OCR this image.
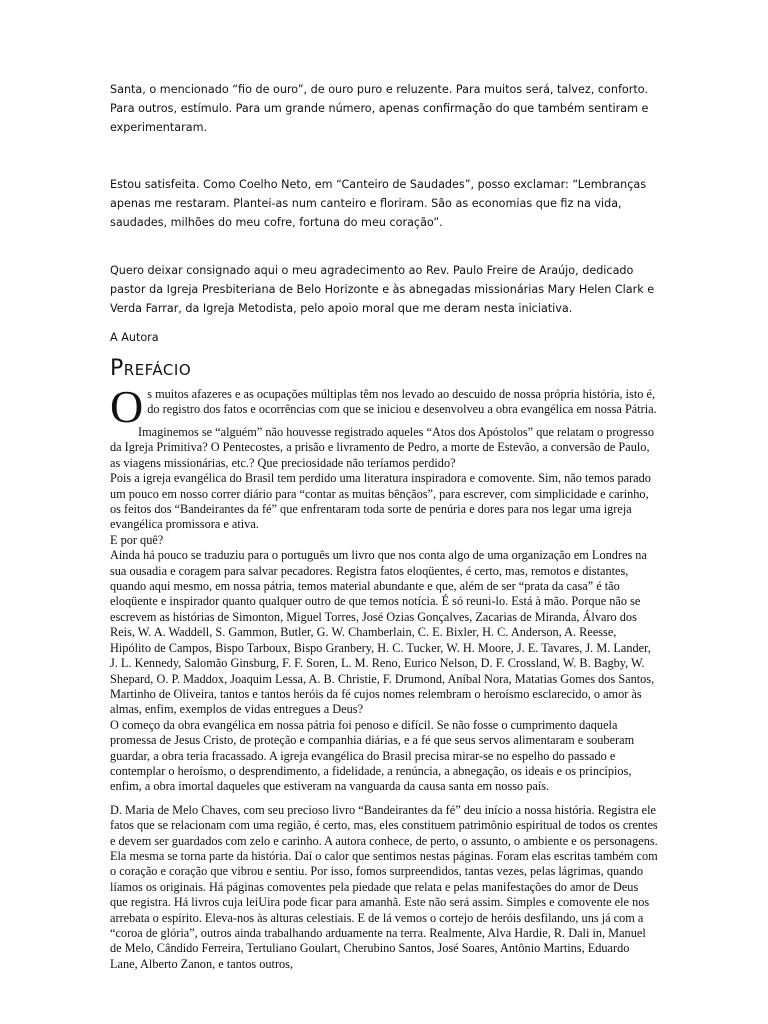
Santa, o mencionado “fio de ouro”, de ouro puro e reluzente. Para muitos será, talvez, conforto. Para outros, estímulo. Para um grande número, apenas confirmação do que também sentiram e experimentaram.

Estou satisfeita. Como Coelho Neto, em “Canteiro de Saudades”, posso exclamar: “Lembranças apenas me restaram. Plantei-as num canteiro e floriram. São as economias que fiz na vida, saudades, milhões do meu cofre, fortuna do meu coração”.

Quero deixar consignado aqui o meu agradecimento ao Rev. Paulo Freire de Araújo, dedicado pastor da Igreja Presbiteriana de Belo Horizonte e às abnegadas missionárias Mary Helen Clark e Verda Farrar, da Igreja Metodista, pelo apoio moral que me deram nesta iniciativa.

A Autora

Prefácio

Os muitos afazeres e as ocupações múltiplas têm nos levado ao descuido de nossa própria história, isto é, do registro dos fatos e ocorrências com que se iniciou e desenvolveu a obra evangélica em nossa Pátria.

Imaginemos se “alguém” não houvesse registrado aqueles “Atos dos Apóstolos” que relatam o progresso da Igreja Primitiva? O Pentecostes, a prisão e livramento de Pedro, a morte de Estevão, a conversão de Paulo, as viagens missionárias, etc.? Que preciosidade não teríamos perdido?

Pois a igreja evangélica do Brasil tem perdido uma literatura inspiradora e comovente. Sim, não temos parado um pouco em nosso correr diário para “contar as muitas bênçãos”, para escrever, com simplicidade e carinho, os feitos dos “Bandeirantes da fé” que enfrentaram toda sorte de penúria e dores para nos legar uma igreja evangélica promissora e ativa.

E por quê?

Ainda há pouco se traduziu para o português um livro que nos conta algo de uma organização em Londres na sua ousadia e coragem para salvar pecadores. Registra fatos eloqüentes, é certo, mas, remotos e distantes, quando aqui mesmo, em nossa pátria, temos material abundante e que, além de ser “prata da casa” é tão eloqüente e inspirador quanto qualquer outro de que temos notícia. É só reuni-lo. Está à mão. Porque não se escrevem as histórias de Simonton, Miguel Torres, José Ozias Gonçalves, Zacarias de Miranda, Álvaro dos Reis, W. A. Waddell, S. Gammon, Butler, G. W. Chamberlain, C. E. Bixler, H. C. Anderson, A. Reesse, Hipólito de Campos, Bispo Tarboux, Bispo Granbery, H. C. Tucker, W. H. Moore, J. E. Tavares, J. M. Lander, J. L. Kennedy, Salomão Ginsburg, F. F. Soren, L. M. Reno, Eurico Nelson, D. F. Crossland, W. B. Bagby, W. Shepard, O. P. Maddox, Joaquim Lessa, A. B. Christie, F. Drumond, Aníbal Nora, Matatias Gomes dos Santos, Martinho de Oliveira, tantos e tantos heróis da fé cujos nomes relembram o heroísmo esclarecido, o amor às almas, enfim, exemplos de vidas entregues a Deus?

O começo da obra evangélica em nossa pátria foi penoso e difícil. Se não fosse o cumprimento daquela promessa de Jesus Cristo, de proteção e companhia diárias, e a fé que seus servos alimentaram e souberam guardar, a obra teria fracassado. A igreja evangélica do Brasil precisa mirar-se no espelho do passado e contemplar o heroísmo, o desprendimento, a fidelidade, a renúncia, a abnegação, os ideais e os princípios, enfim, a obra imortal daqueles que estiveram na vanguarda da causa santa em nosso país.

D. Maria de Melo Chaves, com seu precioso livro “Bandeirantes da fé” deu início a nossa história. Registra ele fatos que se relacionam com uma região, é certo, mas, eles constituem patrimônio espiritual de todos os crentes e devem ser guardados com zelo e carinho. A autora conhece, de perto, o assunto, o ambiente e os personagens. Ela mesma se torna parte da história. Daí o calor que sentimos nestas páginas. Foram elas escritas também com o coração e coração que vibrou e sentiu. Por isso, fomos surpreendidos, tantas vezes, pelas lágrimas, quando líamos os originais. Há páginas comoventes pela piedade que relata e pelas manifestações do amor de Deus que registra. Há livros cuja leiUira pode ficar para amanhã. Este não será assim. Simples e comovente ele nos arrebata o espírito. Eleva-nos às alturas celestiais. E de lá vemos o cortejo de heróis desfilando, uns já com a “coroa de glória”, outros ainda trabalhando arduamente na terra. Realmente, Alva Hardie, R. Dali in, Manuel de Melo, Cândido Ferreira, Tertuliano Goulart, Cherubino Santos, José Soares, Antônio Martins, Eduardo Lane, Alberto Zanon, e tantos outros,
